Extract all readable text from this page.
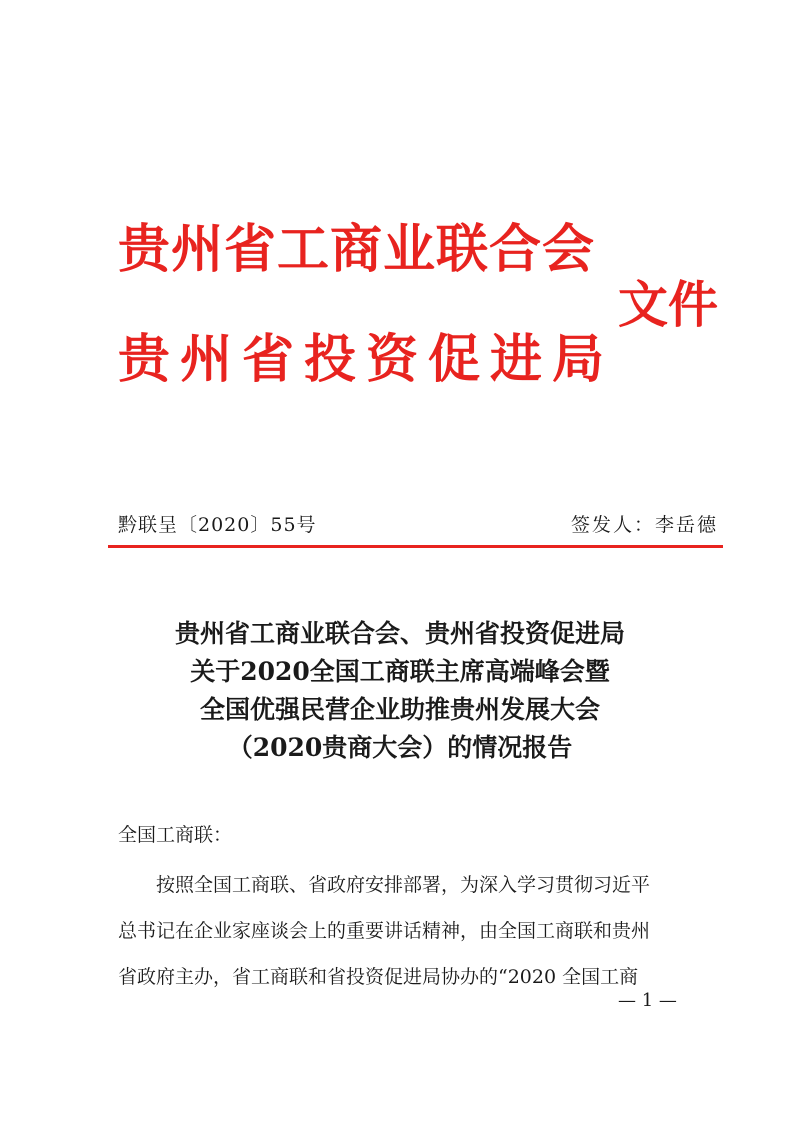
贵州省工商业联合会
贵州省投资促进局
文件
黔联呈〔2020〕55号	签发人：李岳德
贵州省工商业联合会、贵州省投资促进局
关于2020全国工商联主席高端峰会暨
全国优强民营企业助推贵州发展大会
（2020贵商大会）的情况报告
全国工商联：
按照全国工商联、省政府安排部署，为深入学习贯彻习近平
总书记在企业家座谈会上的重要讲话精神，由全国工商联和贵州
省政府主办，省工商联和省投资促进局协办的“2020 全国工商
— 1 —
